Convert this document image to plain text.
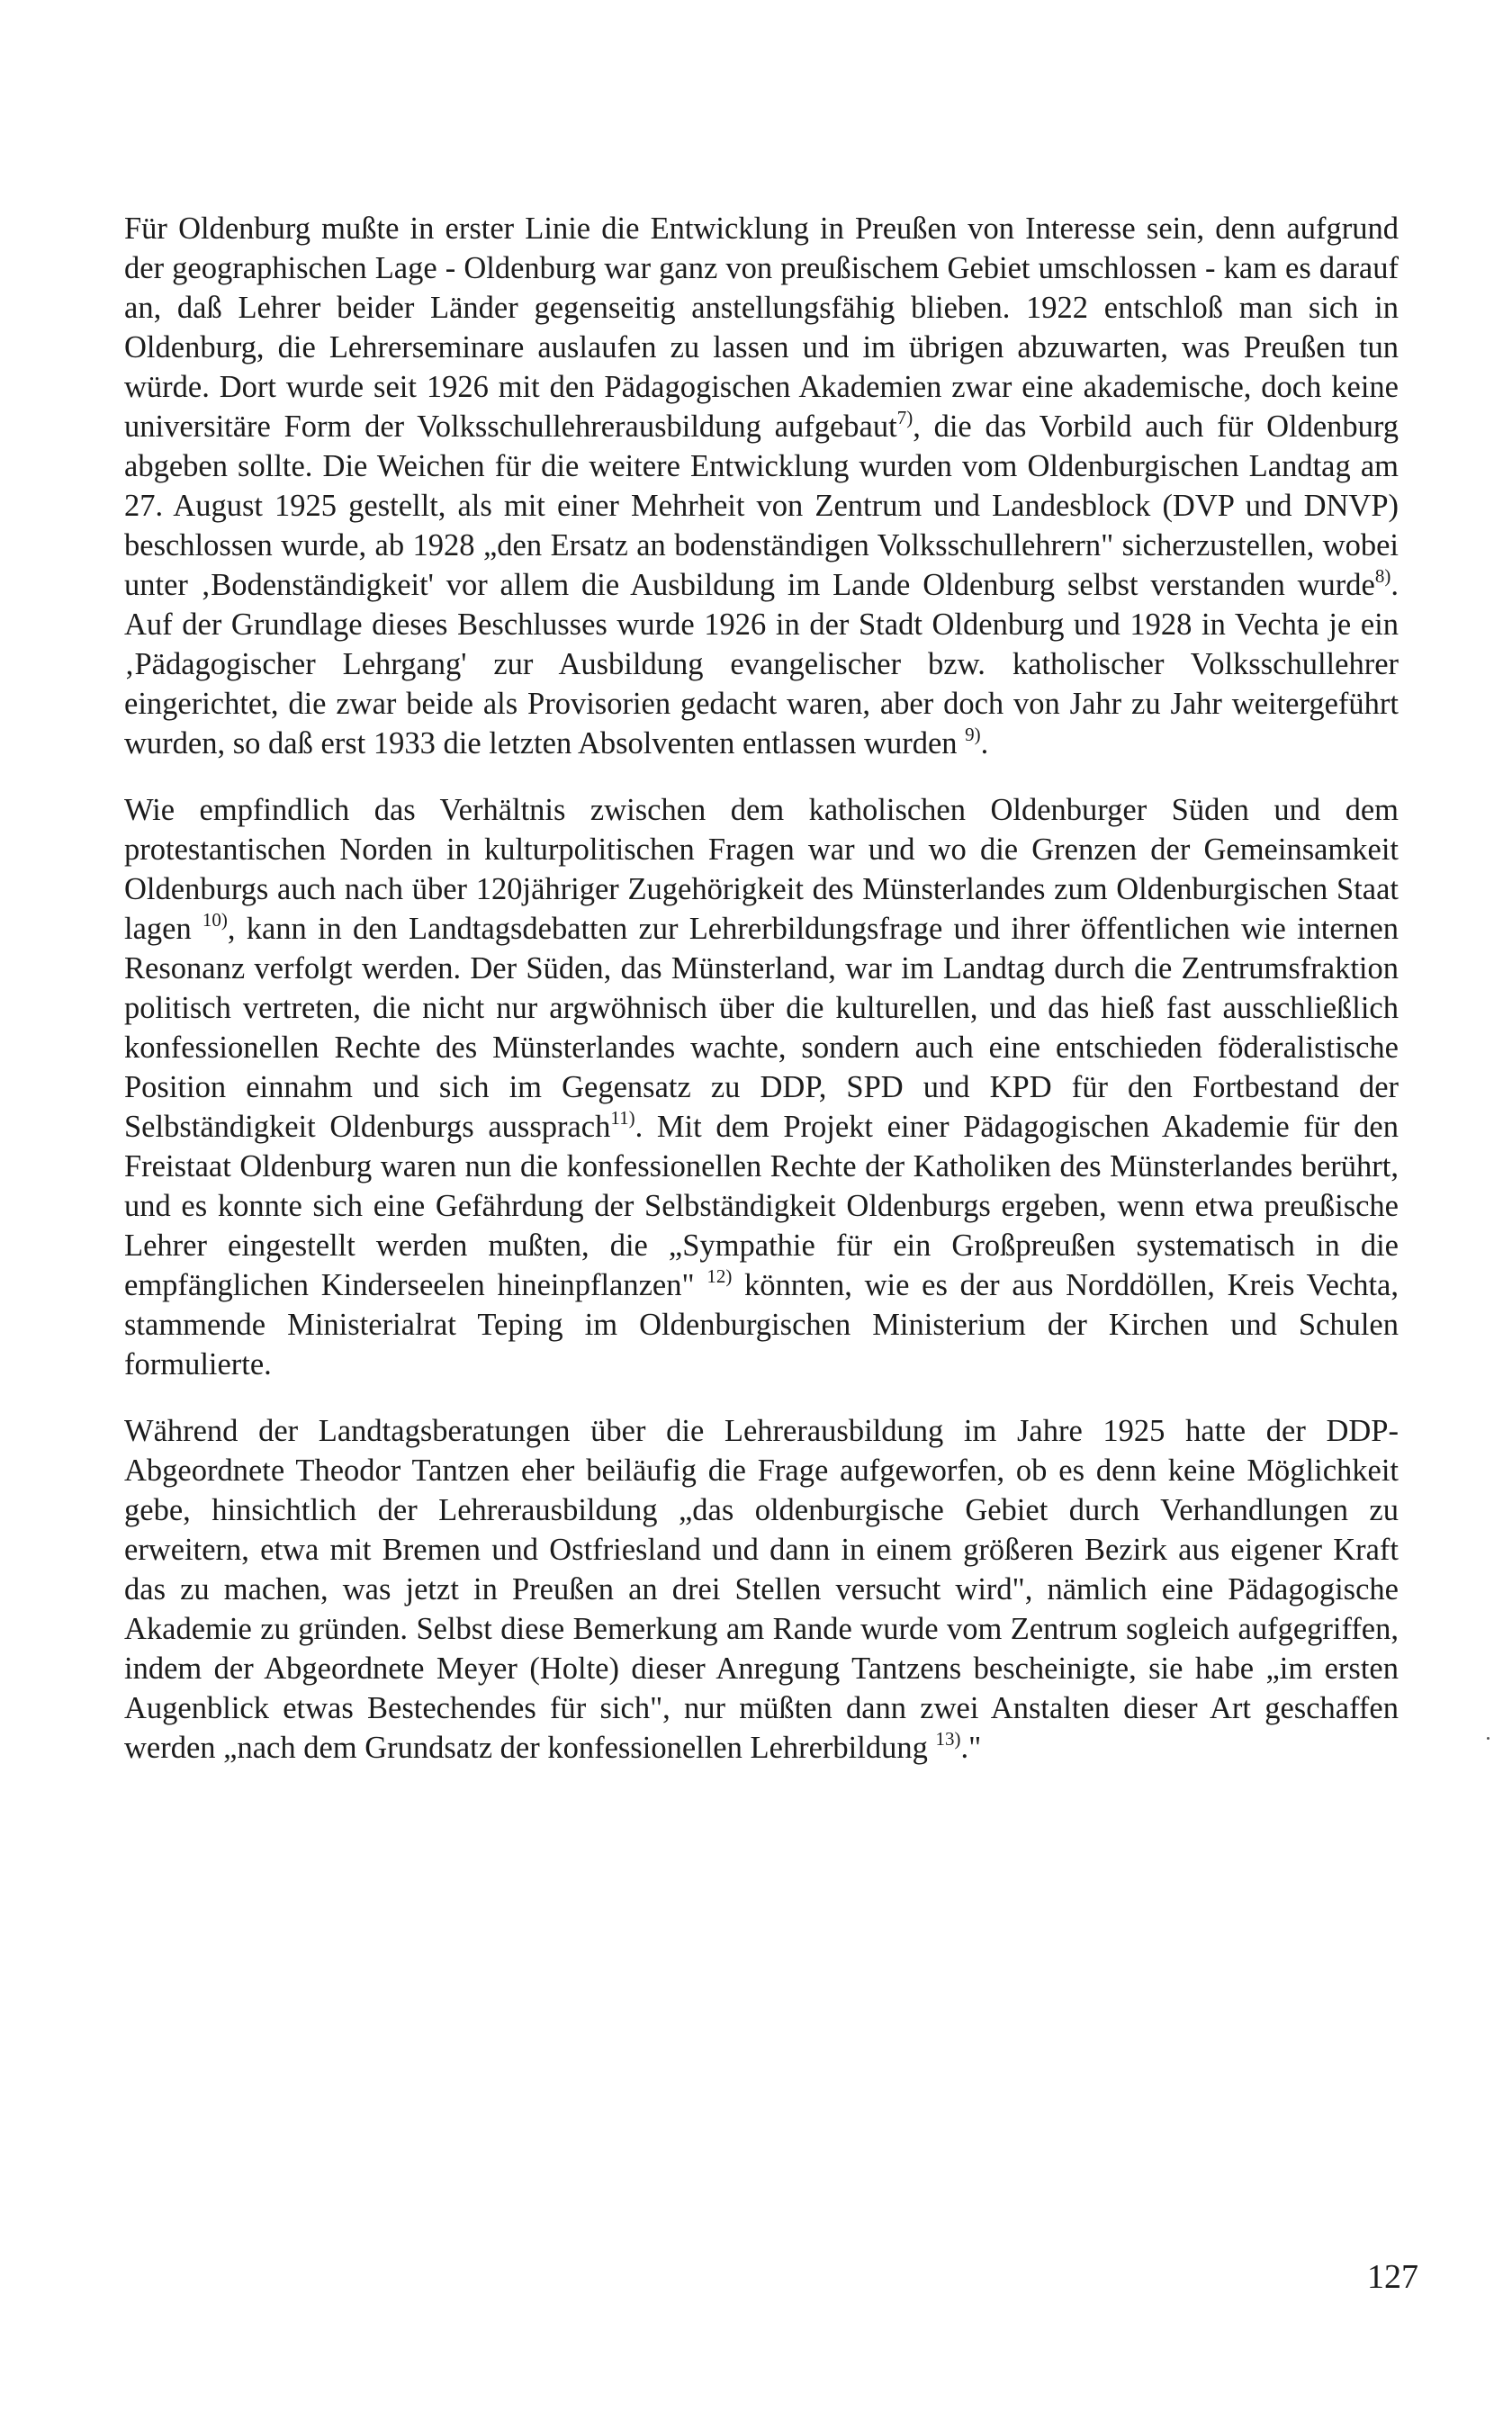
Für Oldenburg mußte in erster Linie die Entwicklung in Preußen von Interesse sein, denn aufgrund der geographischen Lage - Oldenburg war ganz von preußischem Gebiet umschlossen - kam es darauf an, daß Lehrer beider Länder gegenseitig anstellungsfähig blieben. 1922 entschloß man sich in Oldenburg, die Lehrerseminare auslaufen zu lassen und im übrigen abzuwarten, was Preußen tun würde. Dort wurde seit 1926 mit den Pädagogischen Akademien zwar eine akademische, doch keine universitäre Form der Volksschullehrerausbildung aufgebaut$^{7)}$, die das Vorbild auch für Oldenburg abgeben sollte. Die Weichen für die weitere Entwicklung wurden vom Oldenburgischen Landtag am 27. August 1925 gestellt, als mit einer Mehrheit von Zentrum und Landesblock (DVP und DNVP) beschlossen wurde, ab 1928 „den Ersatz an bodenständigen Volksschullehrern" sicherzustellen, wobei unter ‚Bodenständigkeit' vor allem die Ausbildung im Lande Oldenburg selbst verstanden wurde$^{8)}$. Auf der Grundlage dieses Beschlusses wurde 1926 in der Stadt Oldenburg und 1928 in Vechta je ein ‚Pädagogischer Lehrgang' zur Ausbildung evangelischer bzw. katholischer Volksschullehrer eingerichtet, die zwar beide als Provisorien gedacht waren, aber doch von Jahr zu Jahr weitergeführt wurden, so daß erst 1933 die letzten Absolventen entlassen wurden $^{9)}$.

Wie empfindlich das Verhältnis zwischen dem katholischen Oldenburger Süden und dem protestantischen Norden in kulturpolitischen Fragen war und wo die Grenzen der Gemeinsamkeit Oldenburgs auch nach über 120jähriger Zugehörigkeit des Münsterlandes zum Oldenburgischen Staat lagen $^{10)}$, kann in den Landtagsdebatten zur Lehrerbildungsfrage und ihrer öffentlichen wie internen Resonanz verfolgt werden. Der Süden, das Münsterland, war im Landtag durch die Zentrumsfraktion politisch vertreten, die nicht nur argwöhnisch über die kulturellen, und das hieß fast ausschließlich konfessionellen Rechte des Münsterlandes wachte, sondern auch eine entschieden föderalistische Position einnahm und sich im Gegensatz zu DDP, SPD und KPD für den Fortbestand der Selbständigkeit Oldenburgs aussprach$^{11)}$. Mit dem Projekt einer Pädagogischen Akademie für den Freistaat Oldenburg waren nun die konfessionellen Rechte der Katholiken des Münsterlandes berührt, und es konnte sich eine Gefährdung der Selbständigkeit Oldenburgs ergeben, wenn etwa preußische Lehrer eingestellt werden mußten, die „Sympathie für ein Großpreußen systematisch in die empfänglichen Kinderseelen hineinpflanzen" $^{12)}$ könnten, wie es der aus Norddöllen, Kreis Vechta, stammende Ministerialrat Teping im Oldenburgischen Ministerium der Kirchen und Schulen formulierte.

Während der Landtagsberatungen über die Lehrerausbildung im Jahre 1925 hatte der DDP-Abgeordnete Theodor Tantzen eher beiläufig die Frage aufgeworfen, ob es denn keine Möglichkeit gebe, hinsichtlich der Lehrerausbildung „das oldenburgische Gebiet durch Verhandlungen zu erweitern, etwa mit Bremen und Ostfriesland und dann in einem größeren Bezirk aus eigener Kraft das zu machen, was jetzt in Preußen an drei Stellen versucht wird", nämlich eine Pädagogische Akademie zu gründen. Selbst diese Bemerkung am Rande wurde vom Zentrum sogleich aufgegriffen, indem der Abgeordnete Meyer (Holte) dieser Anregung Tantzens bescheinigte, sie habe „im ersten Augenblick etwas Bestechendes für sich", nur müßten dann zwei Anstalten dieser Art geschaffen werden „nach dem Grundsatz der konfessionellen Lehrerbildung $^{13)}$."

127
